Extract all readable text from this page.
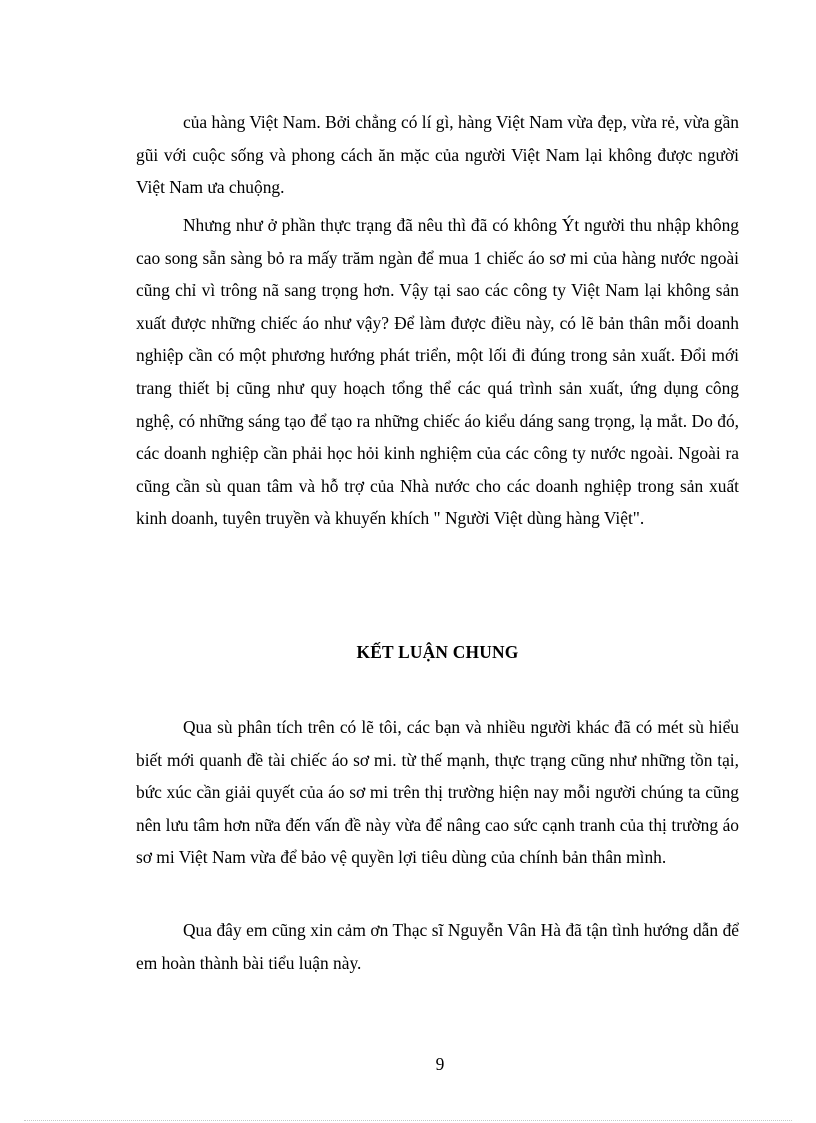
của hàng Việt Nam. Bởi chẳng có lí gì, hàng Việt Nam vừa đẹp, vừa rẻ, vừa gần gũi với cuộc sống và phong cách ăn mặc của người Việt Nam lại không được người Việt Nam ưa chuộng.

Nhưng như ở phần thực trạng đã nêu thì đã có không Ýt người thu nhập không cao song sẵn sàng bỏ ra mấy trăm ngàn để mua 1 chiếc áo sơ mi của hàng nước ngoài cũng chỉ vì trông nã sang trọng hơn. Vậy tại sao các công ty Việt Nam lại không sản xuất được những chiếc áo như vậy? Để làm được điều này, có lẽ bản thân mỗi doanh nghiệp cần có một phương hướng phát triển, một lối đi đúng trong sản xuất. Đổi mới trang thiết bị cũng như quy hoạch tổng thể các quá trình sản xuất, ứng dụng công nghệ, có những sáng tạo để tạo ra những chiếc áo kiểu dáng sang trọng, lạ mắt. Do đó, các doanh nghiệp cần phải học hỏi kinh nghiệm của các công ty nước ngoài. Ngoài ra cũng cần sù quan tâm và hỗ trợ của Nhà nước cho các doanh nghiệp trong sản xuất kinh doanh, tuyên truyền và khuyến khích " Người Việt dùng hàng Việt".

KẾT LUẬN CHUNG

Qua sù phân tích trên có lẽ tôi, các bạn và nhiều người khác đã có mét sù hiểu biết mới quanh đề tài chiếc áo sơ mi. từ thế mạnh, thực trạng cũng như những tồn tại, bức xúc cần giải quyết của áo sơ mi trên thị trường hiện nay mỗi người chúng ta cũng nên lưu tâm hơn nữa đến vấn đề này vừa để nâng cao sức cạnh tranh của thị trường áo sơ mi Việt Nam vừa để bảo vệ quyền lợi tiêu dùng của chính bản thân mình.

Qua đây em cũng xin cảm ơn Thạc sĩ Nguyễn Vân Hà đã tận tình hướng dẫn để em hoàn thành bài tiểu luận này.

9
